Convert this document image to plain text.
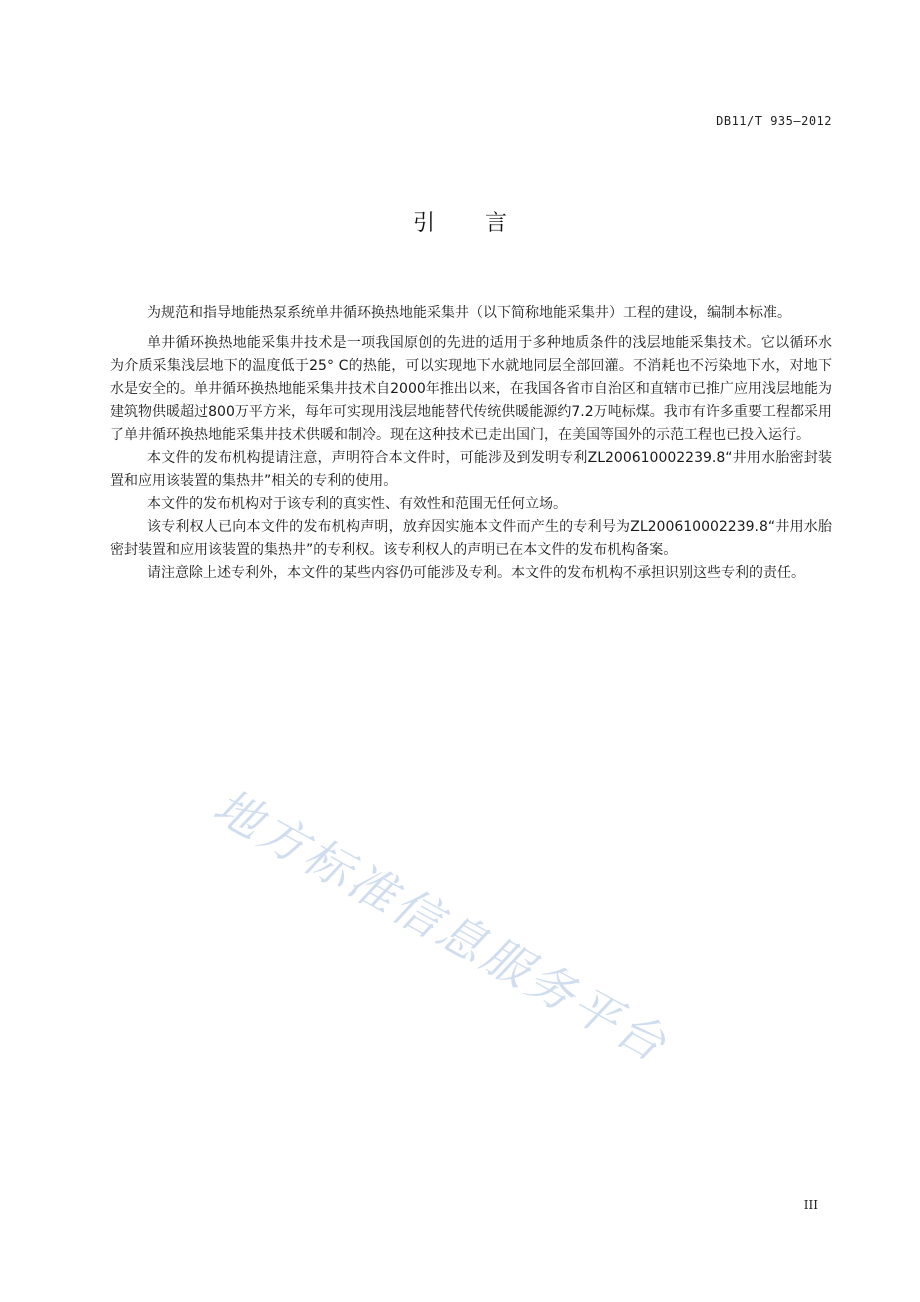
DB11/T 935—2012
引言

为规范和指导地能热泵系统单井循环换热地能采集井（以下简称地能采集井）工程的建设，编制本标准。

单井循环换热地能采集井技术是一项我国原创的先进的适用于多种地质条件的浅层地能采集技术。它以循环水为介质采集浅层地下的温度低于25° C的热能，可以实现地下水就地同层全部回灌。不消耗也不污染地下水，对地下水是安全的。单井循环换热地能采集井技术自2000年推出以来，在我国各省市自治区和直辖市已推广应用浅层地能为建筑物供暖超过800万平方米，每年可实现用浅层地能替代传统供暖能源约7.2万吨标煤。我市有许多重要工程都采用了单井循环换热地能采集井技术供暖和制冷。现在这种技术已走出国门，在美国等国外的示范工程也已投入运行。

本文件的发布机构提请注意，声明符合本文件时，可能涉及到发明专利ZL200610002239.8“井用水胎密封装置和应用该装置的集热井”相关的专利的使用。

本文件的发布机构对于该专利的真实性、有效性和范围无任何立场。

该专利权人已向本文件的发布机构声明，放弃因实施本文件而产生的专利号为ZL200610002239.8“井用水胎密封装置和应用该装置的集热井”的专利权。该专利权人的声明已在本文件的发布机构备案。

请注意除上述专利外，本文件的某些内容仍可能涉及专利。本文件的发布机构不承担识别这些专利的责任。

地方标准信息服务平台
III
